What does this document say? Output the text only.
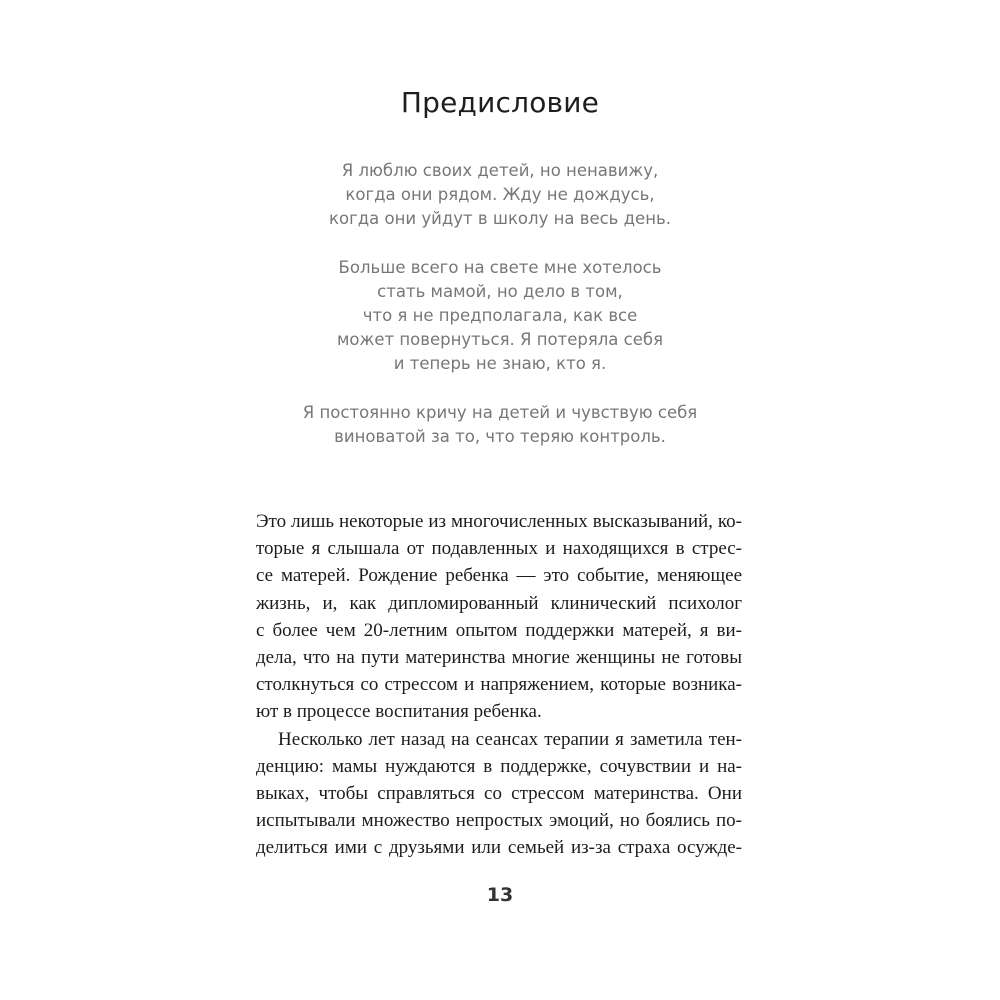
Предисловие
Я люблю своих детей, но ненавижу,
когда они рядом. Жду не дождусь,
когда они уйдут в школу на весь день.
Больше всего на свете мне хотелось
стать мамой, но дело в том,
что я не предполагала, как все
может повернуться. Я потеряла себя
и теперь не знаю, кто я.
Я постоянно кричу на детей и чувствую себя
виноватой за то, что теряю контроль.
Это лишь некоторые из многочисленных высказываний, ко-
торые я слышала от подавленных и находящихся в стрес-
се матерей. Рождение ребенка — это событие, меняющее
жизнь, и, как дипломированный клинический психолог
с более чем 20-летним опытом поддержки матерей, я ви-
дела, что на пути материнства многие женщины не готовы
столкнуться со стрессом и напряжением, которые возника-
ют в процессе воспитания ребенка.
Несколько лет назад на сеансах терапии я заметила тен-
денцию: мамы нуждаются в поддержке, сочувствии и на-
выках, чтобы справляться со стрессом материнства. Они
испытывали множество непростых эмоций, но боялись по-
делиться ими с друзьями или семьей из-за страха осужде-
13
